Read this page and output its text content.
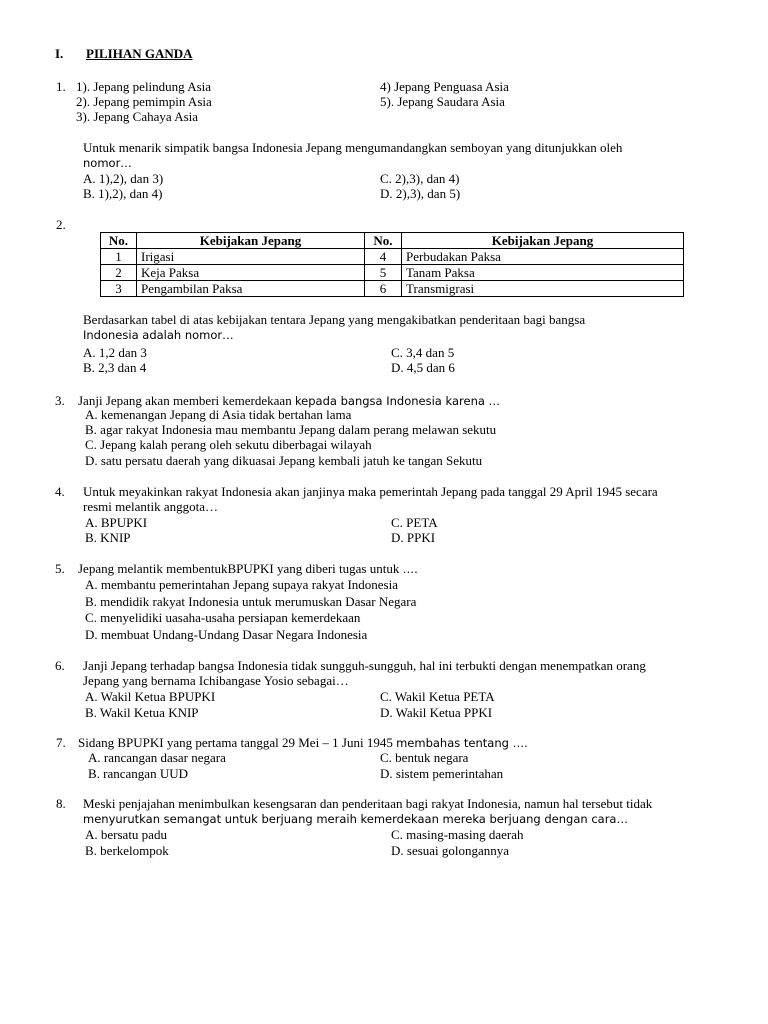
I. PILIHAN GANDA
1. 1). Jepang pelindung Asia
2). Jepang pemimpin Asia
3). Jepang Cahaya Asia
4) Jepang Penguasa Asia
5). Jepang Saudara Asia
Untuk menarik simpatik bangsa Indonesia Jepang mengumandangkan semboyan yang ditunjukkan oleh
nomor…
A. 1),2), dan 3)
B. 1),2), dan 4)
C. 2),3), dan 4)
D. 2),3), dan 5)
2.
No.	Kebijakan Jepang	No.	Kebijakan Jepang
1	Irigasi	4	Perbudakan Paksa
2	Keja Paksa	5	Tanam Paksa
3	Pengambilan Paksa	6	Transmigrasi
Berdasarkan tabel di atas kebijakan tentara Jepang yang mengakibatkan penderitaan bagi bangsa
Indonesia adalah nomor…
A. 1,2 dan 3
B. 2,3 dan 4
C. 3,4 dan 5
D. 4,5 dan 6
3. Janji Jepang akan memberi kemerdekaan kepada bangsa Indonesia karena …
A. kemenangan Jepang di Asia tidak bertahan lama
B. agar rakyat Indonesia mau membantu Jepang dalam perang melawan sekutu
C. Jepang kalah perang oleh sekutu diberbagai wilayah
D. satu persatu daerah yang dikuasai Jepang kembali jatuh ke tangan Sekutu
4. Untuk meyakinkan rakyat Indonesia akan janjinya maka pemerintah Jepang pada tanggal 29 April 1945 secara
resmi melantik anggota…
A. BPUPKI
B. KNIP
C. PETA
D. PPKI
5. Jepang melantik membentukBPUPKI yang diberi tugas untuk ….
A. membantu pemerintahan Jepang supaya rakyat Indonesia
B. mendidik rakyat Indonesia untuk merumuskan Dasar Negara
C. menyelidiki uasaha-usaha persiapan kemerdekaan
D. membuat Undang-Undang Dasar Negara Indonesia
6. Janji Jepang terhadap bangsa Indonesia tidak sungguh-sungguh, hal ini terbukti dengan menempatkan orang
Jepang yang bernama Ichibangase Yosio sebagai…
A. Wakil Ketua BPUPKI
B. Wakil Ketua KNIP
C. Wakil Ketua PETA
D. Wakil Ketua PPKI
7. Sidang BPUPKI yang pertama tanggal 29 Mei – 1 Juni 1945 membahas tentang ….
A. rancangan dasar negara
B. rancangan UUD
C. bentuk negara
D. sistem pemerintahan
8. Meski penjajahan menimbulkan kesengsaran dan penderitaan bagi rakyat Indonesia, namun hal tersebut tidak
menyurutkan semangat untuk berjuang meraih kemerdekaan mereka berjuang dengan cara…
A. bersatu padu
B. berkelompok
C. masing-masing daerah
D. sesuai golongannya
